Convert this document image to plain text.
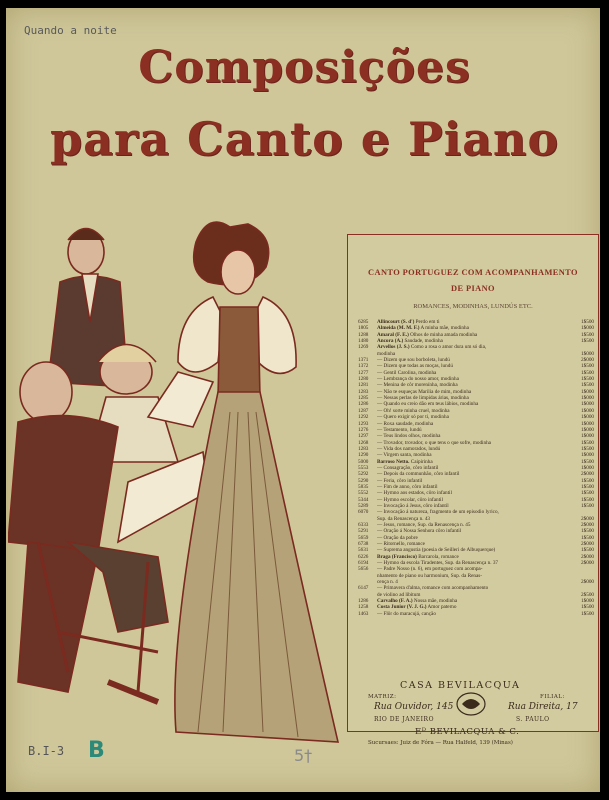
Quando a noite
Composições
para Canto e Piano
CANTO PORTUGUEZ COM ACOMPANHAMENTO
DE PIANO
ROMANCES, MODINHAS, LUNDÚS ETC.
6285	Allincourt (S. d') Perdo em ti	1$500
1805	Almeida (M. M. F.) A minha mãe, modinha	1$000
1288	Amaral (F. E.) Olhos de minha amada modinha	1$500
1480	Ancora (A.) Saudade, modinha	1$500
1269	Arvellos (J. S.) Como a rosa o amor dura um só dia,
modinha	1$000
1371	— Dizem que sou borboleta, lundú	2$000
1372	— Dizem que todas as moças, lundú	1$500
1277	— Gentil Carolina, modinha	1$500
1280	— Lembrança do nosso amor, modinha	1$500
1281	— Menina de côr morenínha, modinha	1$500
1283	— Não te esqueças Marilia de mim, modinha	1$000
1285	— Nessas perlas de limpidas árias, modinha	1$000
1286	— Quando eu creio dão em teus lábios, modinha	1$000
1287	— Oh! sorte minha cruel, modinha	1$000
1292	— Quero exigir só por ti, modinha	1$000
1293	— Roxa saudade, modinha	1$000
1276	— Testamento, lundú	1$000
1297	— Teus lindos olhos, modinha	1$000
1268	— Trovador, trovador, o que tens o que sofre, modinha	1$500
1283	— Vida dos namorados, lundú	1$500
1290	— Virgem santa, modinha	1$000
5000	Barroso Netto. Caipirinha	1$500
5553	— Consagração, côro infantil	1$000
5292	— Depois da communhão, côro infantil	2$000
5290	— Feria, côro infantil	1$500
5835	— Fim de anno, côro infantil	1$500
5552	— Hymno aos estados, côro infantil	1$500
5344	— Hymno escolar, côro infantil	1$500
5289	— Invocação á Jesus, côro infantil	1$500
6070	— Invocação á natureza, fragmento de um episodio lyrico,
Sup. da Renascença n. 43	2$000
6333	— Jesus, romance, Sup. da Renascença n. 45	2$000
5291	— Oração á Nossa Senhora côro infantil	1$500
5659	— Oração da pobre	1$500
6738	— Ritornello, romance	2$000
5631	— Suprema angustia (poesia de Seilleri de Albuquerque)	1$500
6226	Braga (Francisco) Barcarola, romance	2$000
6194	— Hymno da escola Tiradentes, Sup. da Renascença n. 37	2$000
5656	— Padre Nosso (n. 6), em portuguez com acompa-
nhamento de piano ou harmonium, Sup. da Renas-
cença n. 4	2$000
6147	— Primavera d'alma, romance com acompanhamento
de violino ad libitum	2$500
1286	Carvalho (F. A.) Nossa mãe, modinha	1$000
1258	Costa Junior (V. J. G.) Amor paterno	1$500
1463	— Flôr do maracujá, canção	1$500
CASA BEVILACQUA
MATRIZ:	FILIAL:
Rua Ouvidor, 145	Rua Direita, 17
RIO DE JANEIRO	S. PAULO
Eᴰ BEVILACQUA & C.
Sucursaes: Juiz de Fóra — Rua Halfeld, 139 (Minas)
B.I-3 B	5†
